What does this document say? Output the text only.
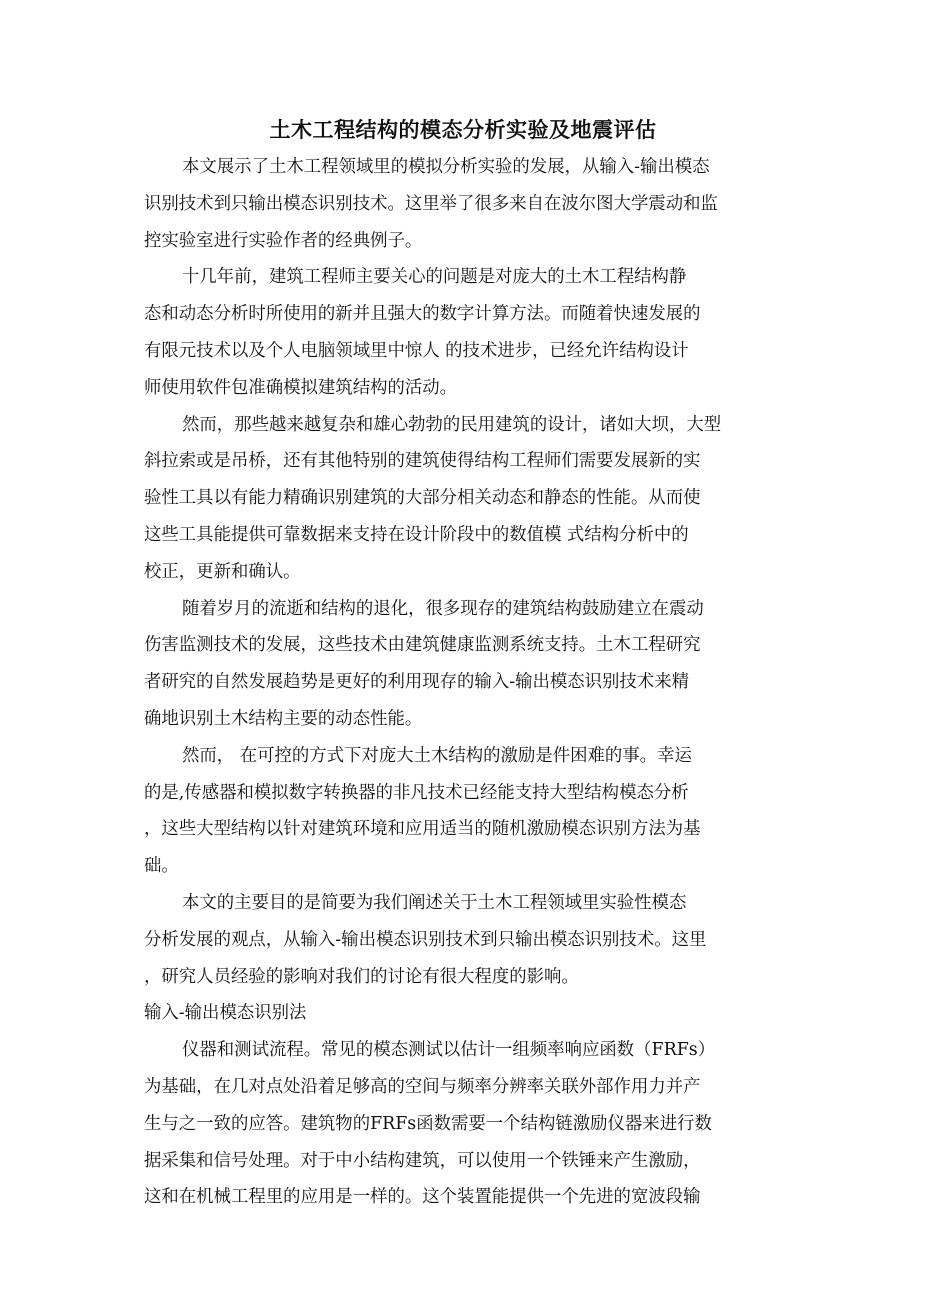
土木工程结构的模态分析实验及地震评估
本文展示了土木工程领域里的模拟分析实验的发展，从输入-输出模态
识别技术到只输出模态识别技术。这里举了很多来自在波尔图大学震动和监
控实验室进行实验作者的经典例子。
十几年前，建筑工程师主要关心的问题是对庞大的土木工程结构静
态和动态分析时所使用的新并且强大的数字计算方法。而随着快速发展的
有限元技术以及个人电脑领域里中惊人 的技术进步，已经允许结构设计
师使用软件包准确模拟建筑结构的活动。
然而，那些越来越复杂和雄心勃勃的民用建筑的设计，诸如大坝，大型
斜拉索或是吊桥，还有其他特别的建筑使得结构工程师们需要发展新的实
验性工具以有能力精确识别建筑的大部分相关动态和静态的性能。从而使
这些工具能提供可靠数据来支持在设计阶段中的数值模 式结构分析中的
校正，更新和确认。
随着岁月的流逝和结构的退化，很多现存的建筑结构鼓励建立在震动
伤害监测技术的发展，这些技术由建筑健康监测系统支持。土木工程研究
者研究的自然发展趋势是更好的利用现存的输入-输出模态识别技术来精
确地识别土木结构主要的动态性能。
然而， 在可控的方式下对庞大土木结构的激励是件困难的事。幸运
的是,传感器和模拟数字转换器的非凡技术已经能支持大型结构模态分析
，这些大型结构以针对建筑环境和应用适当的随机激励模态识别方法为基
础。
本文的主要目的是简要为我们阐述关于土木工程领域里实验性模态
分析发展的观点，从输入-输出模态识别技术到只输出模态识别技术。这里
，研究人员经验的影响对我们的讨论有很大程度的影响。
输入-输出模态识别法
仪器和测试流程。常见的模态测试以估计一组频率响应函数（FRFs）
为基础，在几对点处沿着足够高的空间与频率分辨率关联外部作用力并产
生与之一致的应答。建筑物的FRFs函数需要一个结构链激励仪器来进行数
据采集和信号处理。对于中小结构建筑，可以使用一个铁锤来产生激励，
这和在机械工程里的应用是一样的。这个装置能提供一个先进的宽波段输
